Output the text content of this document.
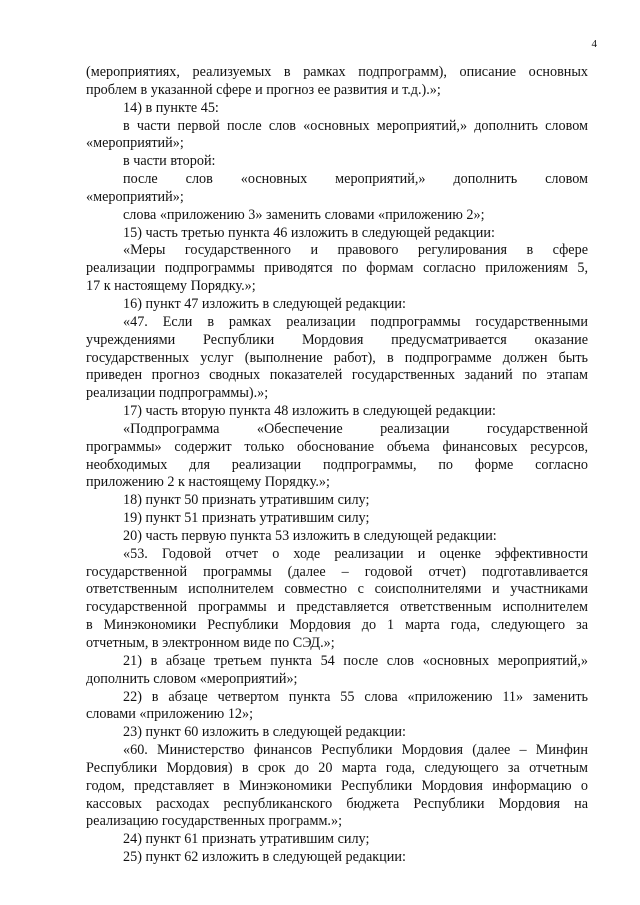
4

(мероприятиях, реализуемых в рамках подпрограмм), описание основных

проблем в указанной сфере и прогноз ее развития и т.д.).»;

14) в пункте 45:

в части первой после слов «основных мероприятий,» дополнить словом

«мероприятий»;

в части второй:

после слов «основных мероприятий,» дополнить словом

«мероприятий»;

слова «приложению 3» заменить словами «приложению 2»;

15) часть третью пункта 46 изложить в следующей редакции:

«Меры государственного и правового регулирования в сфере

реализации подпрограммы приводятся по формам согласно приложениям 5,

17 к настоящему Порядку.»;

16) пункт 47 изложить в следующей редакции:

«47. Если в рамках реализации подпрограммы государственными

учреждениями Республики Мордовия предусматривается оказание

государственных услуг (выполнение работ), в подпрограмме должен быть

приведен прогноз сводных показателей государственных заданий по этапам

реализации подпрограммы).»;

17) часть вторую пункта 48 изложить в следующей редакции:

«Подпрограмма «Обеспечение реализации государственной

программы» содержит только обоснование объема финансовых ресурсов,

необходимых для реализации подпрограммы, по форме согласно

приложению 2 к настоящему Порядку.»;

18) пункт 50 признать утратившим силу;

19) пункт 51 признать утратившим силу;

20) часть первую пункта 53 изложить в следующей редакции:

«53. Годовой отчет о ходе реализации и оценке эффективности

государственной программы (далее – годовой отчет) подготавливается

ответственным исполнителем совместно с соисполнителями и участниками

государственной программы и представляется ответственным исполнителем

в Минэкономики Республики Мордовия до 1 марта года, следующего за

отчетным, в электронном виде по СЭД.»;

21) в абзаце третьем пункта 54 после слов «основных мероприятий,»

дополнить словом «мероприятий»;

22) в абзаце четвертом пункта 55 слова «приложению 11» заменить

словами «приложению 12»;

23) пункт 60 изложить в следующей редакции:

«60. Министерство финансов Республики Мордовия (далее – Минфин

Республики Мордовия) в срок до 20 марта года, следующего за отчетным

годом, представляет в Минэкономики Республики Мордовия информацию о

кассовых расходах республиканского бюджета Республики Мордовия на

реализацию государственных программ.»;

24) пункт 61 признать утратившим силу;

25) пункт 62 изложить в следующей редакции:
